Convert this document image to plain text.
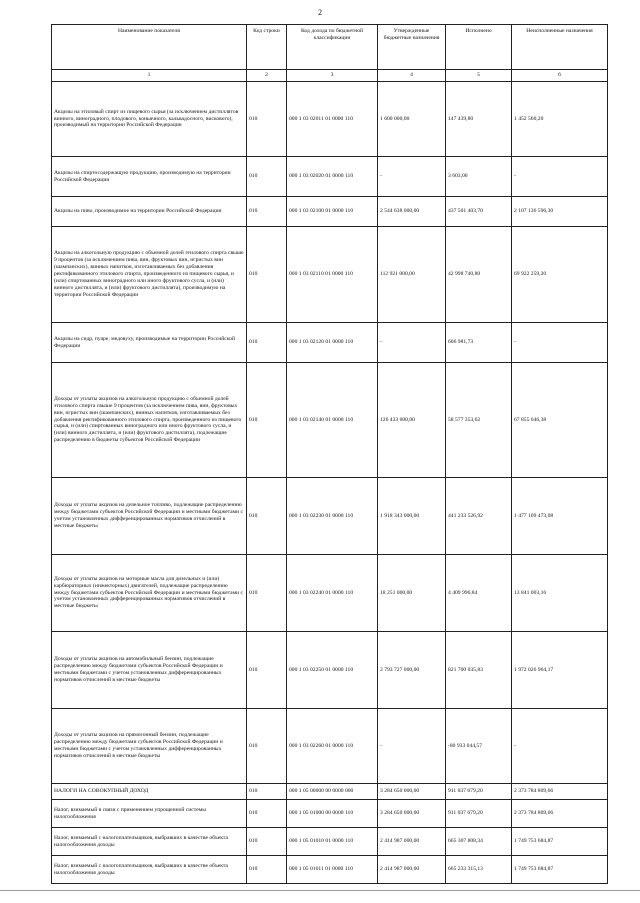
2
Наименование показателя	Код строки	Код дохода по бюджетной классификации	Утвержденные бюджетные назначения	Исполнено	Неисполненные назначения
1	2	3	4	5	6
Акцизы на этиловый спирт из пищевого сырья (за исключением дистиллятов винного, виноградного, плодового, коньячного, кальвадосного, вискового), производимый на территории Российской Федерации	010	000 1 03 02011 01 0000 110	1 600 000,00	147 439,80	1 452 560,20
Акцизы на спиртосодержащую продукцию, производимую на территории Российской Федерации	010	000 1 03 02020 01 0000 110	-	3 603,00	-
Акцизы на пиво, производимое на территории Российской Федерации	010	000 1 03 02100 01 0000 110	2 544 638 000,00	437 501 403,70	2 107 136 596,30
Акцизы на алкогольную продукцию с объемной долей этилового спирта свыше 9 процентов (за исключением пива, вин, фруктовых вин, игристых вин (шампанских), винных напитков, изготавливаемых без добавления ректификованного этилового спирта, произведенного из пищевого сырья, и (или) спиртованных виноградного или иного фруктового сусла, и (или) винного дистиллята, и (или) фруктового дистиллята), производимую на территории Российской Федерации	010	000 1 03 02110 01 0000 110	112 921 000,00	42 998 740,80	69 922 259,20
Акцизы на сидр, пуаре, медовуху, производимые на территории Российской Федерации	010	000 1 03 02120 01 0000 110	-	606 981,73	-
Доходы от уплаты акцизов на алкогольную продукцию с объемной долей этилового спирта свыше 9 процентов (за исключением пива, вин, фруктовых вин, игристых вин (шампанских), винных напитков, изготавливаемых без добавления ректификованного этилового спирта, произведенного из пищевого сырья, и (или) спиртованных виноградного или иного фруктового сусла, и (или) винного дистиллята, и (или) фруктового дистиллята), подлежащие распределению в бюджеты субъектов Российской Федерации	010	000 1 03 02140 01 0000 110	126 433 000,00	58 577 353,62	67 855 646,38
Доходы от уплаты акцизов на дизельное топливо, подлежащие распределению между бюджетами субъектов Российской Федерации и местными бюджетами с учетом установленных дифференцированных нормативов отчислений в местные бюджеты	010	000 1 03 02230 01 0000 110	1 918 343 000,00	441 233 526,92	1 477 109 473,08
Доходы от уплаты акцизов на моторные масла для дизельных и (или) карбюраторных (инжекторных) двигателей, подлежащие распределению между бюджетами субъектов Российской Федерации и местными бюджетами с учетом установленных дифференцированных нормативов отчислений в местные бюджеты	010	000 1 03 02240 01 0000 110	18 251 000,00	4 409 996,84	13 841 003,16
Доходы от уплаты акцизов на автомобильный бензин, подлежащие распределению между бюджетами субъектов Российской Федерации и местными бюджетами с учетом установленных дифференцированных нормативов отчислений в местные бюджеты	010	000 1 03 02250 01 0000 110	2 793 727 000,00	821 700 035,83	1 972 026 964,17
Доходы от уплаты акцизов на прямогонный бензин, подлежащие распределению между бюджетами субъектов Российской Федерации и местными бюджетами с учетом установленных дифференцированных нормативов отчислений в местные бюджеты	010	000 1 03 02260 01 0000 110	-	-80 933 044,57	-
НАЛОГИ НА СОВОКУПНЫЙ ДОХОД	010	000 1 05 00000 00 0000 000	3 284 650 000,00	911 037 679,20	2 373 784 809,66
Налог, взимаемый в связи с применением упрощенной системы налогообложения	010	000 1 05 01000 00 0000 110	3 284 650 000,00	911 037 679,20	2 373 784 809,66
Налог, взимаемый с налогоплательщиков, выбравших в качестве объекта налогообложения доходы	010	000 1 05 01010 01 0000 110	2 414 987 000,00	665 307 808,34	1 749 753 684,87
Налог, взимаемый с налогоплательщиков, выбравших в качестве объекта налогообложения доходы	010	000 1 05 01011 01 0000 110	2 414 987 000,00	665 233 315,13	1 749 753 684,87
